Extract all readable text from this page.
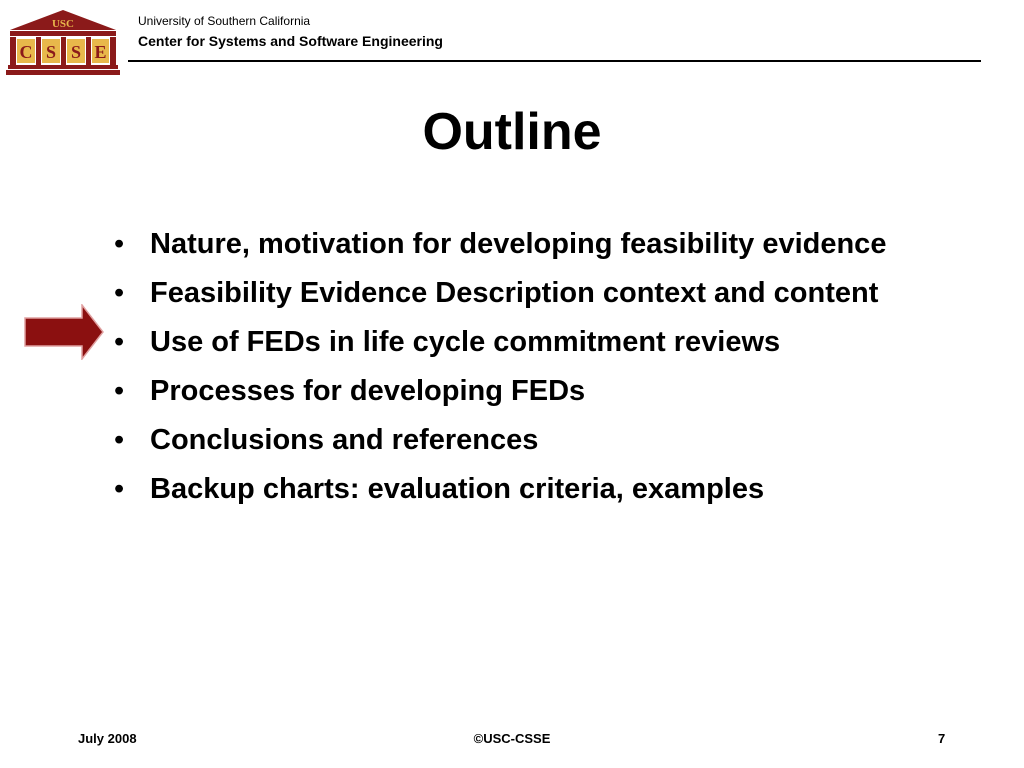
USC
C S S E
University of Southern California
Center for Systems and Software Engineering
Outline
• Nature, motivation for developing feasibility evidence
• Feasibility Evidence Description context and content
• Use of FEDs in life cycle commitment reviews
• Processes for developing FEDs
• Conclusions and references
• Backup charts: evaluation criteria, examples
July 2008	©USC-CSSE	7
